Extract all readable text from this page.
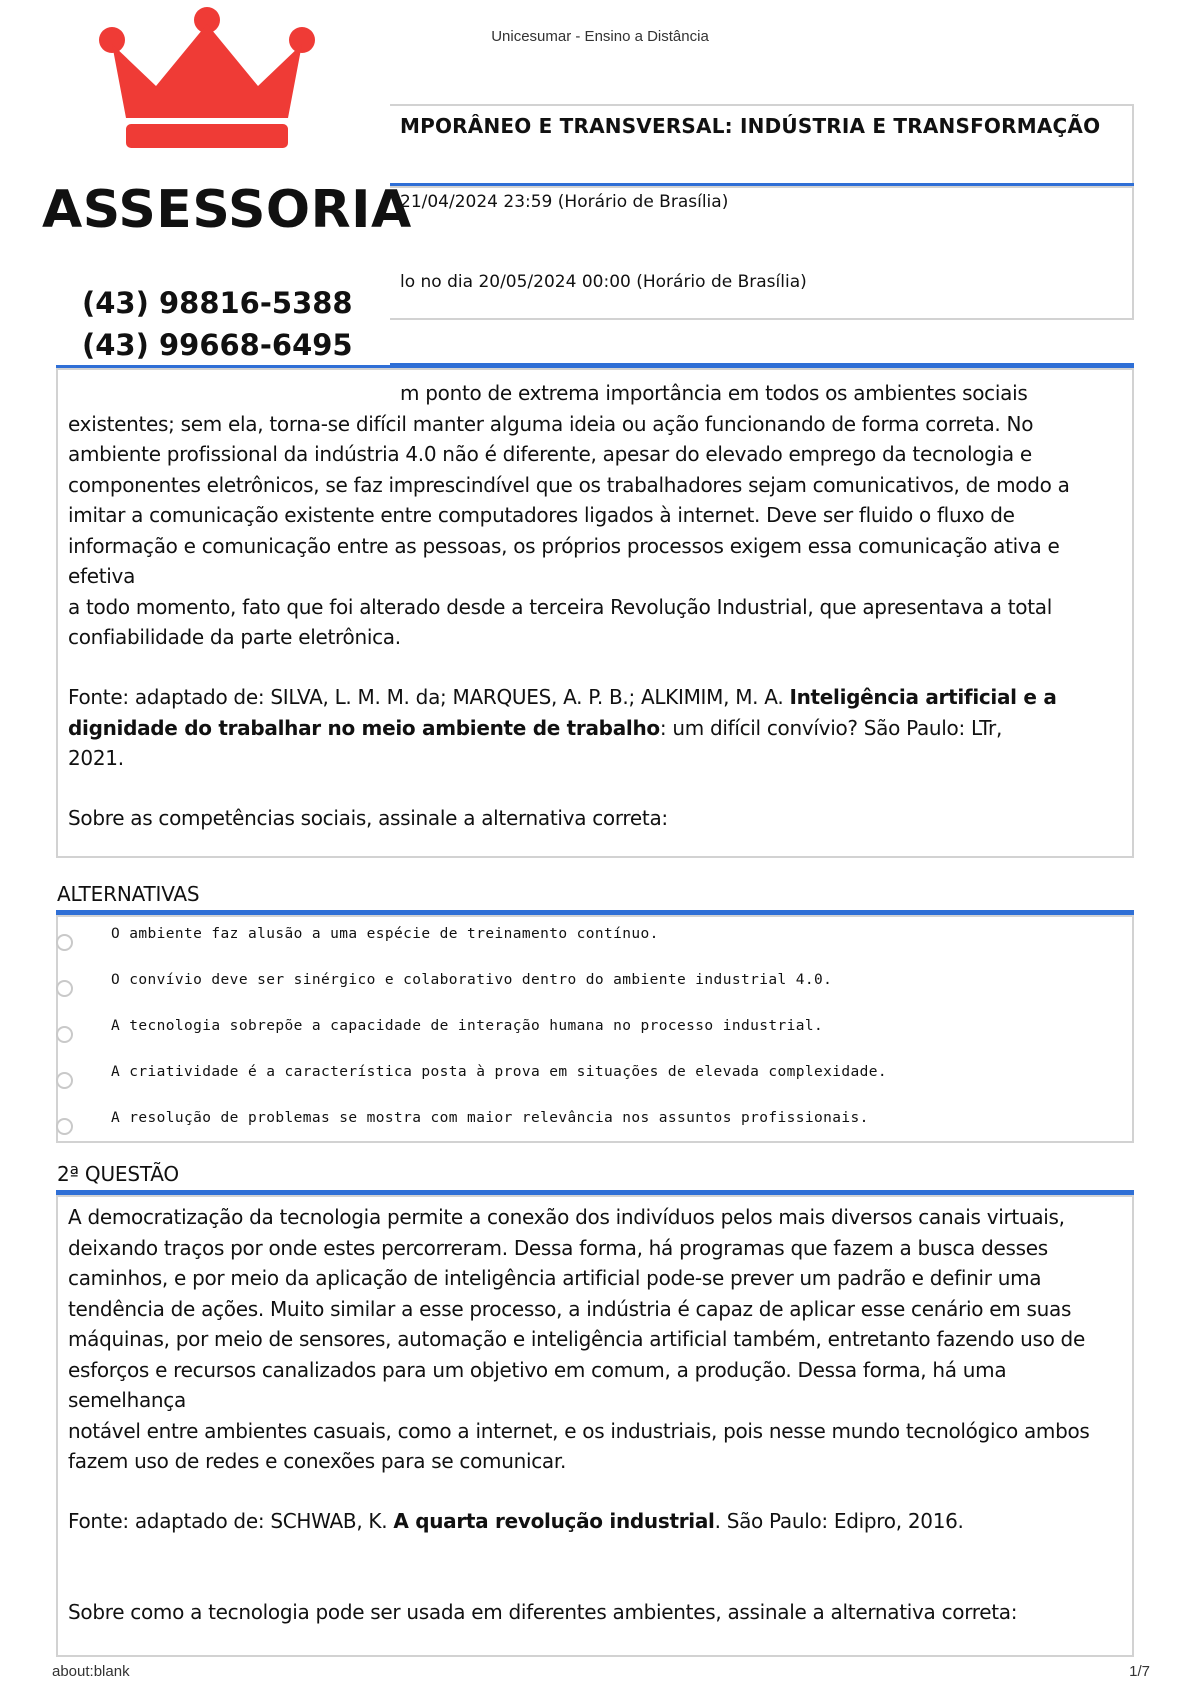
Unicesumar - Ensino a Distância
about:blank	1/7
MPORÂNEO E TRANSVERSAL: INDÚSTRIA E TRANSFORMAÇÃO
21/04/2024 23:59 (Horário de Brasília)
lo no dia 20/05/2024 00:00 (Horário de Brasília)

m ponto de extrema importância em todos os ambientes sociais

existentes; sem ela, torna-se difícil manter alguma ideia ou ação funcionando de forma correta. No

ambiente profissional da indústria 4.0 não é diferente, apesar do elevado emprego da tecnologia e

componentes eletrônicos, se faz imprescindível que os trabalhadores sejam comunicativos, de modo a

imitar a comunicação existente entre computadores ligados à internet. Deve ser fluido o fluxo de

informação e comunicação entre as pessoas, os próprios processos exigem essa comunicação ativa e efetiva

a todo momento, fato que foi alterado desde a terceira Revolução Industrial, que apresentava a total

confiabilidade da parte eletrônica.

Fonte: adaptado de: SILVA, L. M. M. da; MARQUES, A. P. B.; ALKIMIM, M. A. Inteligência artificial e a dignidade do trabalhar no meio ambiente de trabalho: um difícil convívio? São Paulo: LTr, 2021.
Sobre as competências sociais, assinale a alternativa correta:
ALTERNATIVAS
O ambiente faz alusão a uma espécie de treinamento contínuo.
O convívio deve ser sinérgico e colaborativo dentro do ambiente industrial 4.0.
A tecnologia sobrepõe a capacidade de interação humana no processo industrial.
A criatividade é a característica posta à prova em situações de elevada complexidade.
A resolução de problemas se mostra com maior relevância nos assuntos profissionais.
2ª QUESTÃO

A democratização da tecnologia permite a conexão dos indivíduos pelos mais diversos canais virtuais,

deixando traços por onde estes percorreram. Dessa forma, há programas que fazem a busca desses

caminhos, e por meio da aplicação de inteligência artificial pode-se prever um padrão e definir uma

tendência de ações. Muito similar a esse processo, a indústria é capaz de aplicar esse cenário em suas

máquinas, por meio de sensores, automação e inteligência artificial também, entretanto fazendo uso de

esforços e recursos canalizados para um objetivo em comum, a produção. Dessa forma, há uma semelhança

notável entre ambientes casuais, como a internet, e os industriais, pois nesse mundo tecnológico ambos

fazem uso de redes e conexões para se comunicar.

Fonte: adaptado de: SCHWAB, K. A quarta revolução industrial. São Paulo: Edipro, 2016.
Sobre como a tecnologia pode ser usada em diferentes ambientes, assinale a alternativa correta:
ASSESSORIA
(43) 98816-5388
(43) 99668-6495
